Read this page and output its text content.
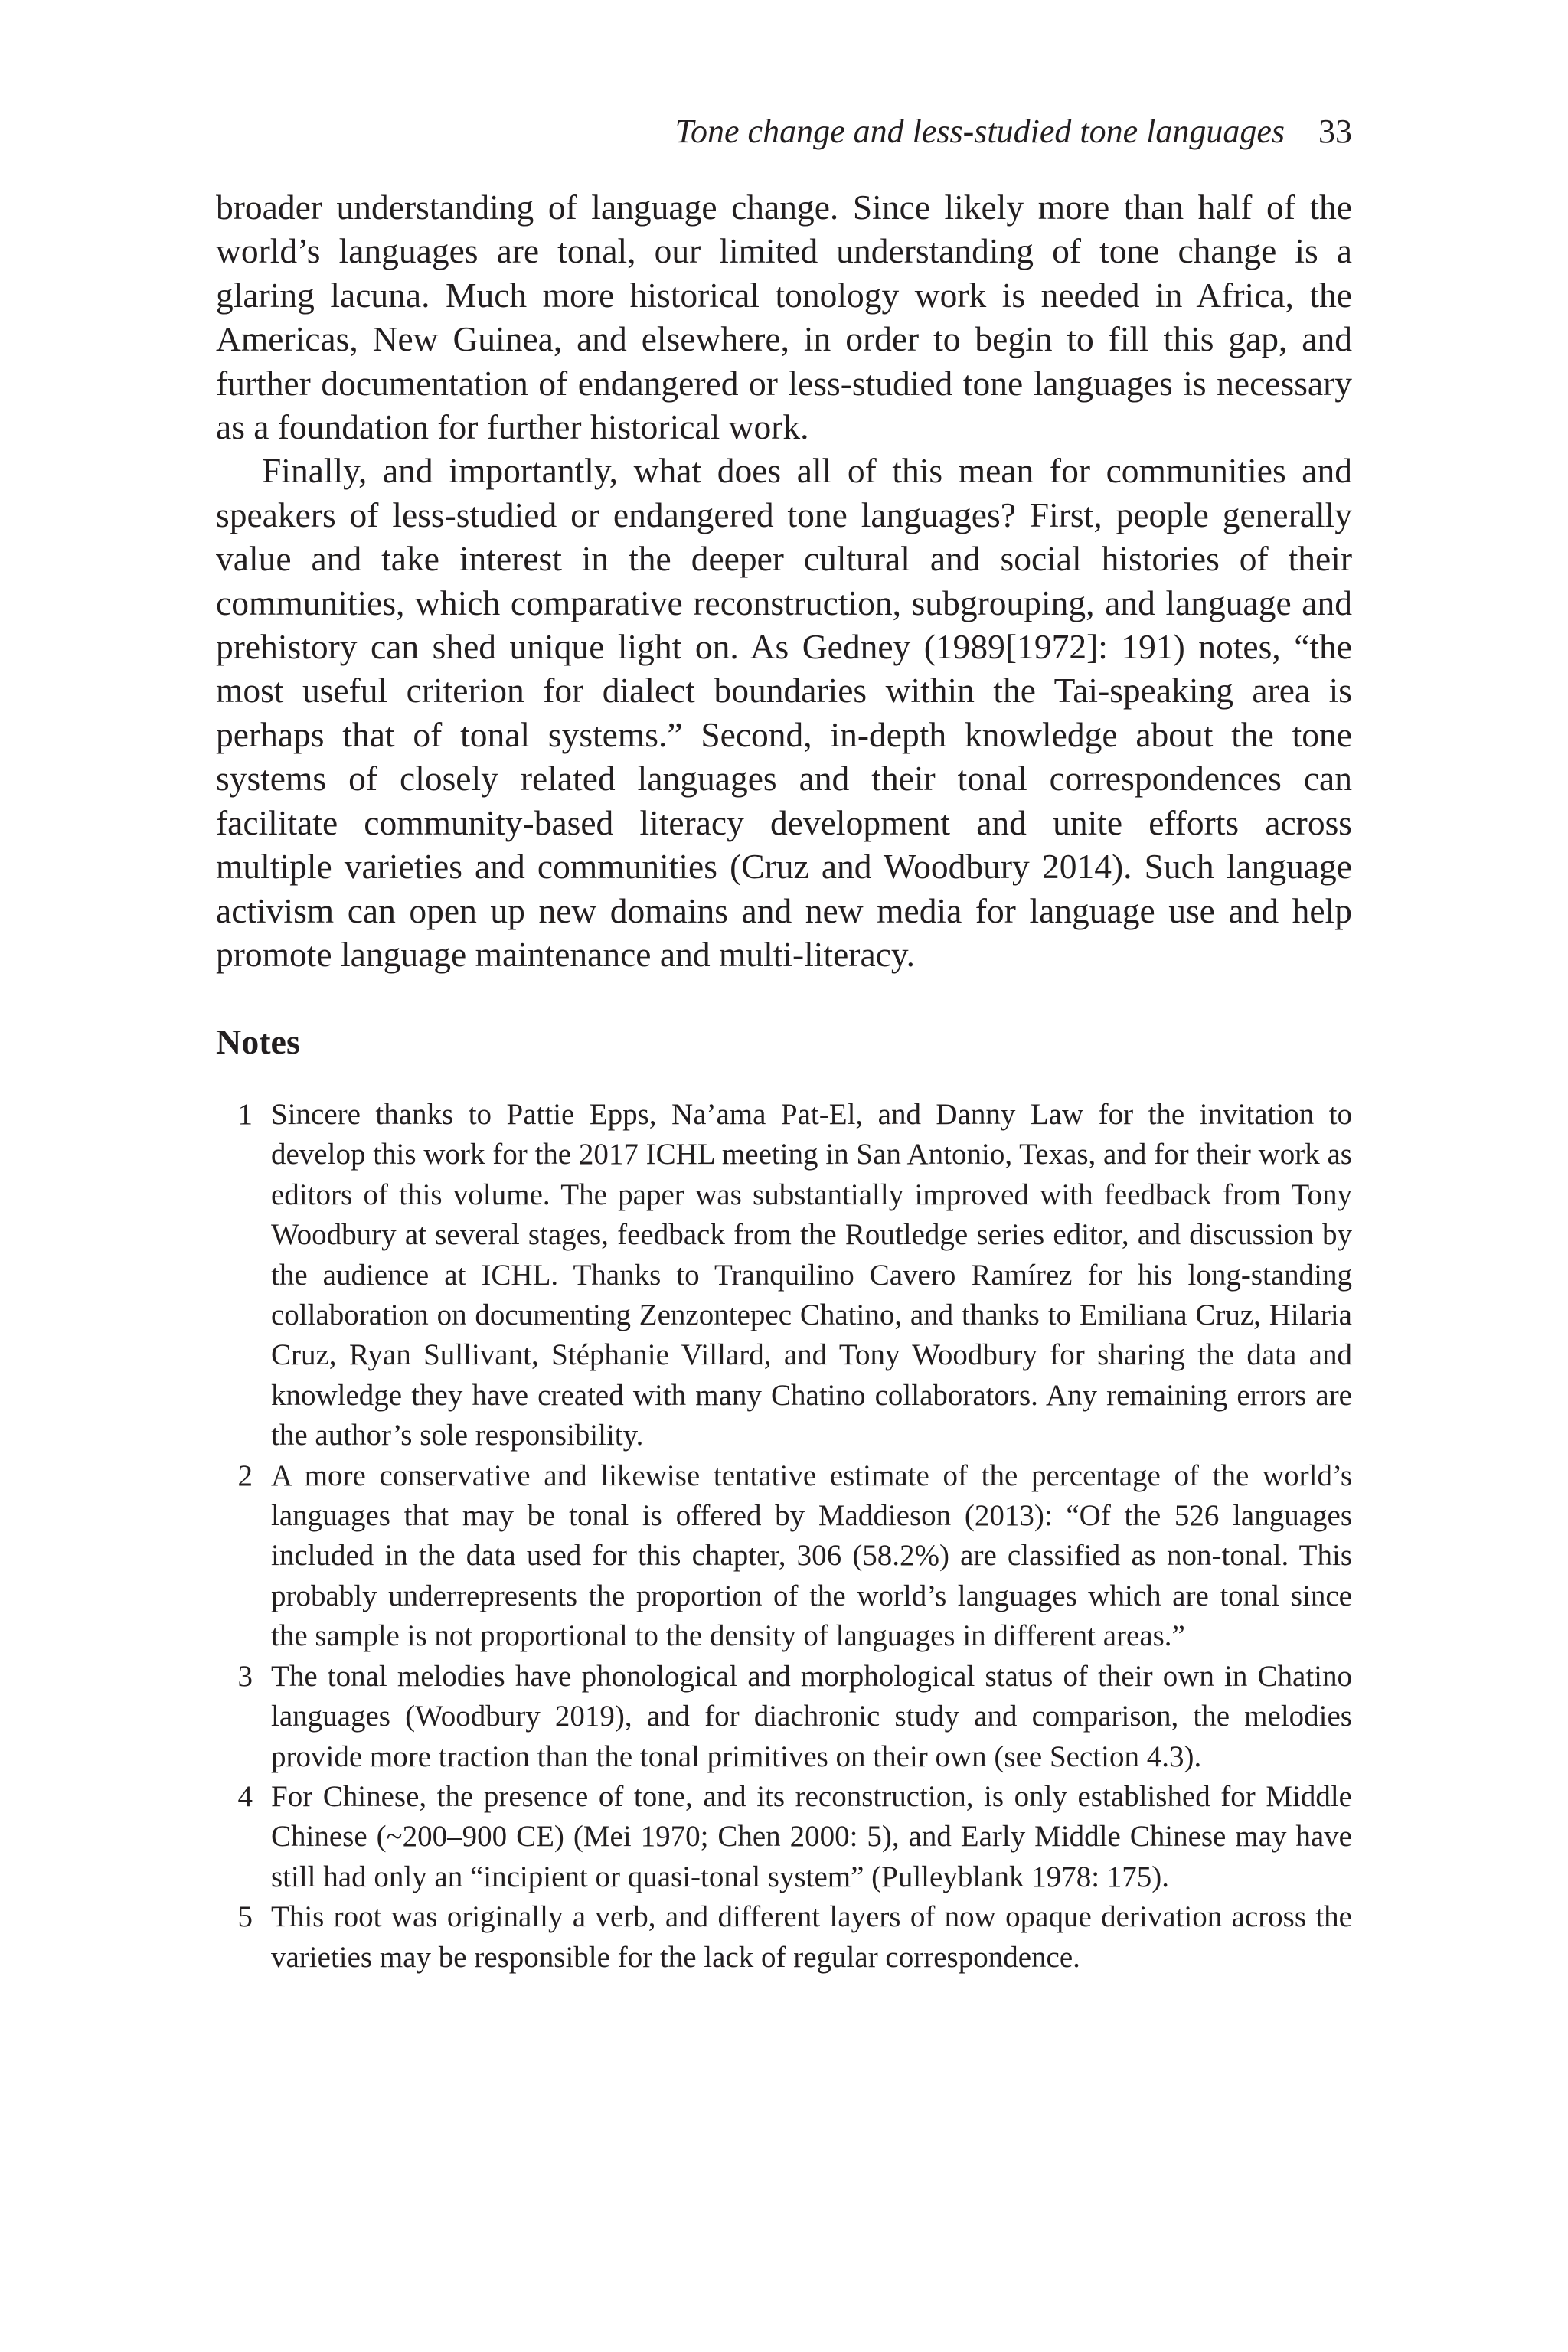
Tone change and less-studied tone languages 33

broader understanding of language change. Since likely more than half of the world’s languages are tonal, our limited understanding of tone change is a glaring lacuna. Much more historical tonology work is needed in Africa, the Americas, New Guinea, and elsewhere, in order to begin to fill this gap, and further documentation of endangered or less-studied tone languages is necessary as a foundation for further historical work.

Finally, and importantly, what does all of this mean for communities and speakers of less-studied or endangered tone languages? First, people generally value and take interest in the deeper cultural and social histories of their communities, which comparative reconstruction, subgrouping, and language and prehistory can shed unique light on. As Gedney (1989[1972]: 191) notes, “the most useful criterion for dialect boundaries within the Tai-speaking area is perhaps that of tonal systems.” Second, in-depth knowledge about the tone systems of closely related languages and their tonal correspondences can facilitate community-based literacy development and unite efforts across multiple varieties and communities (Cruz and Woodbury 2014). Such language activism can open up new domains and new media for language use and help promote language maintenance and multi-literacy.

Notes
1 Sincere thanks to Pattie Epps, Na’ama Pat-El, and Danny Law for the invitation to develop this work for the 2017 ICHL meeting in San Antonio, Texas, and for their work as editors of this volume. The paper was substantially improved with feedback from Tony Woodbury at several stages, feedback from the Routledge series editor, and discussion by the audience at ICHL. Thanks to Tranquilino Cavero Ramírez for his long-standing collaboration on documenting Zenzontepec Chatino, and thanks to Emiliana Cruz, Hilaria Cruz, Ryan Sullivant, Stéphanie Villard, and Tony Woodbury for sharing the data and knowledge they have created with many Chatino collaborators. Any remaining errors are the author’s sole responsibility.
2 A more conservative and likewise tentative estimate of the percentage of the world’s languages that may be tonal is offered by Maddieson (2013): “Of the 526 languages included in the data used for this chapter, 306 (58.2%) are classified as non-tonal. This probably underrepresents the proportion of the world’s languages which are tonal since the sample is not proportional to the density of languages in different areas.”
3 The tonal melodies have phonological and morphological status of their own in Chatino languages (Woodbury 2019), and for diachronic study and comparison, the melodies provide more traction than the tonal primitives on their own (see Section 4.3).
4 For Chinese, the presence of tone, and its reconstruction, is only established for Middle Chinese (~200–900 CE) (Mei 1970; Chen 2000: 5), and Early Middle Chinese may have still had only an “incipient or quasi-tonal system” (Pulleyblank 1978: 175).
5 This root was originally a verb, and different layers of now opaque derivation across the varieties may be responsible for the lack of regular correspondence.
